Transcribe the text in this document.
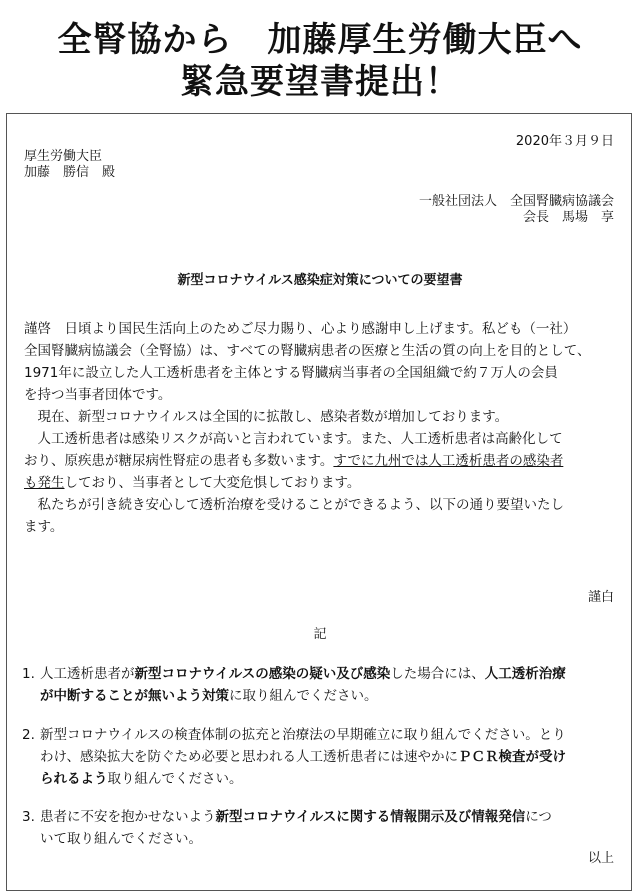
全腎協から　加藤厚生労働大臣へ
緊急要望書提出！
2020年３月９日
厚生労働大臣
加藤　勝信　殿
一般社団法人　全国腎臓病協議会
会長　馬場　享
新型コロナウイルス感染症対策についての要望書
謹啓　日頃より国民生活向上のためご尽力賜り、心より感謝申し上げます。私ども（一社）
全国腎臓病協議会（全腎協）は、すべての腎臓病患者の医療と生活の質の向上を目的として、
1971年に設立した人工透析患者を主体とする腎臓病当事者の全国組織で約７万人の会員
を持つ当事者団体です。
　現在、新型コロナウイルスは全国的に拡散し、感染者数が増加しております。
　人工透析患者は感染リスクが高いと言われています。また、人工透析患者は高齢化して
おり、原疾患が糖尿病性腎症の患者も多数います。すでに九州では人工透析患者の感染者
も発生しており、当事者として大変危惧しております。
　私たちが引き続き安心して透析治療を受けることができるよう、以下の通り要望いたし
ます。
謹白
記
1. 人工透析患者が新型コロナウイルスの感染の疑い及び感染した場合には、人工透析治療
が中断することが無いよう対策に取り組んでください。
2. 新型コロナウイルスの検査体制の拡充と治療法の早期確立に取り組んでください。とり
わけ、感染拡大を防ぐため必要と思われる人工透析患者には速やかにＰＣＲ検査が受け
られるよう取り組んでください。
3. 患者に不安を抱かせないよう新型コロナウイルスに関する情報開示及び情報発信につ
いて取り組んでください。
以上
